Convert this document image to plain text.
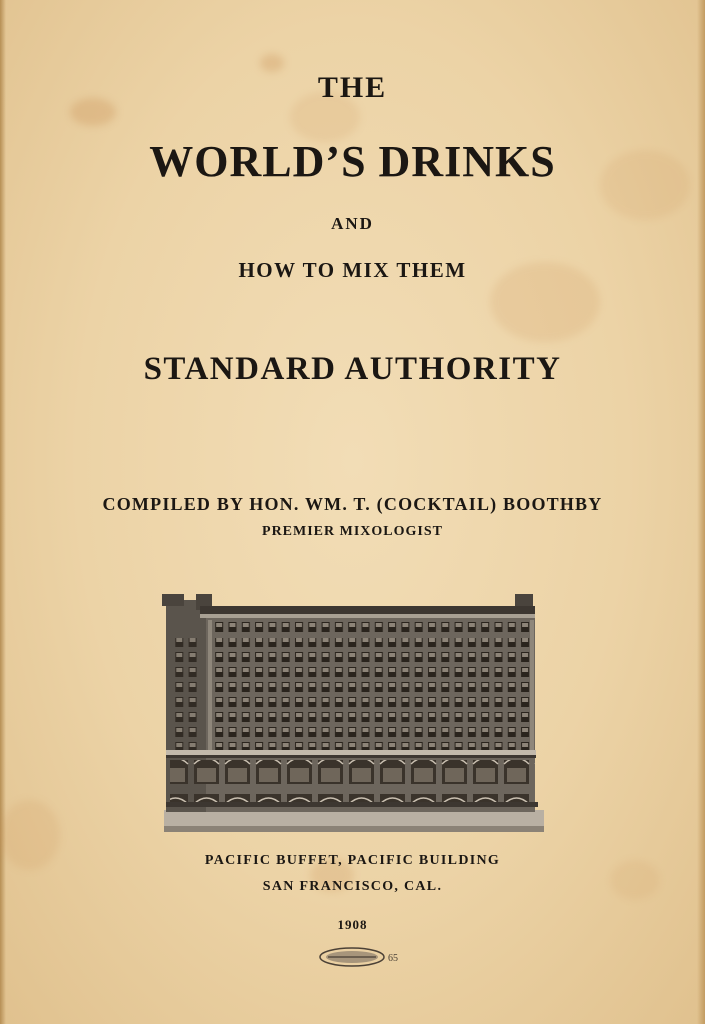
THE
WORLD’S DRINKS
AND
HOW TO MIX THEM
STANDARD AUTHORITY
COMPILED BY HON. WM. T. (COCKTAIL) BOOTHBY
PREMIER MIXOLOGIST
PACIFIC BUFFET, PACIFIC BUILDING
SAN FRANCISCO, CAL.
1908
65
